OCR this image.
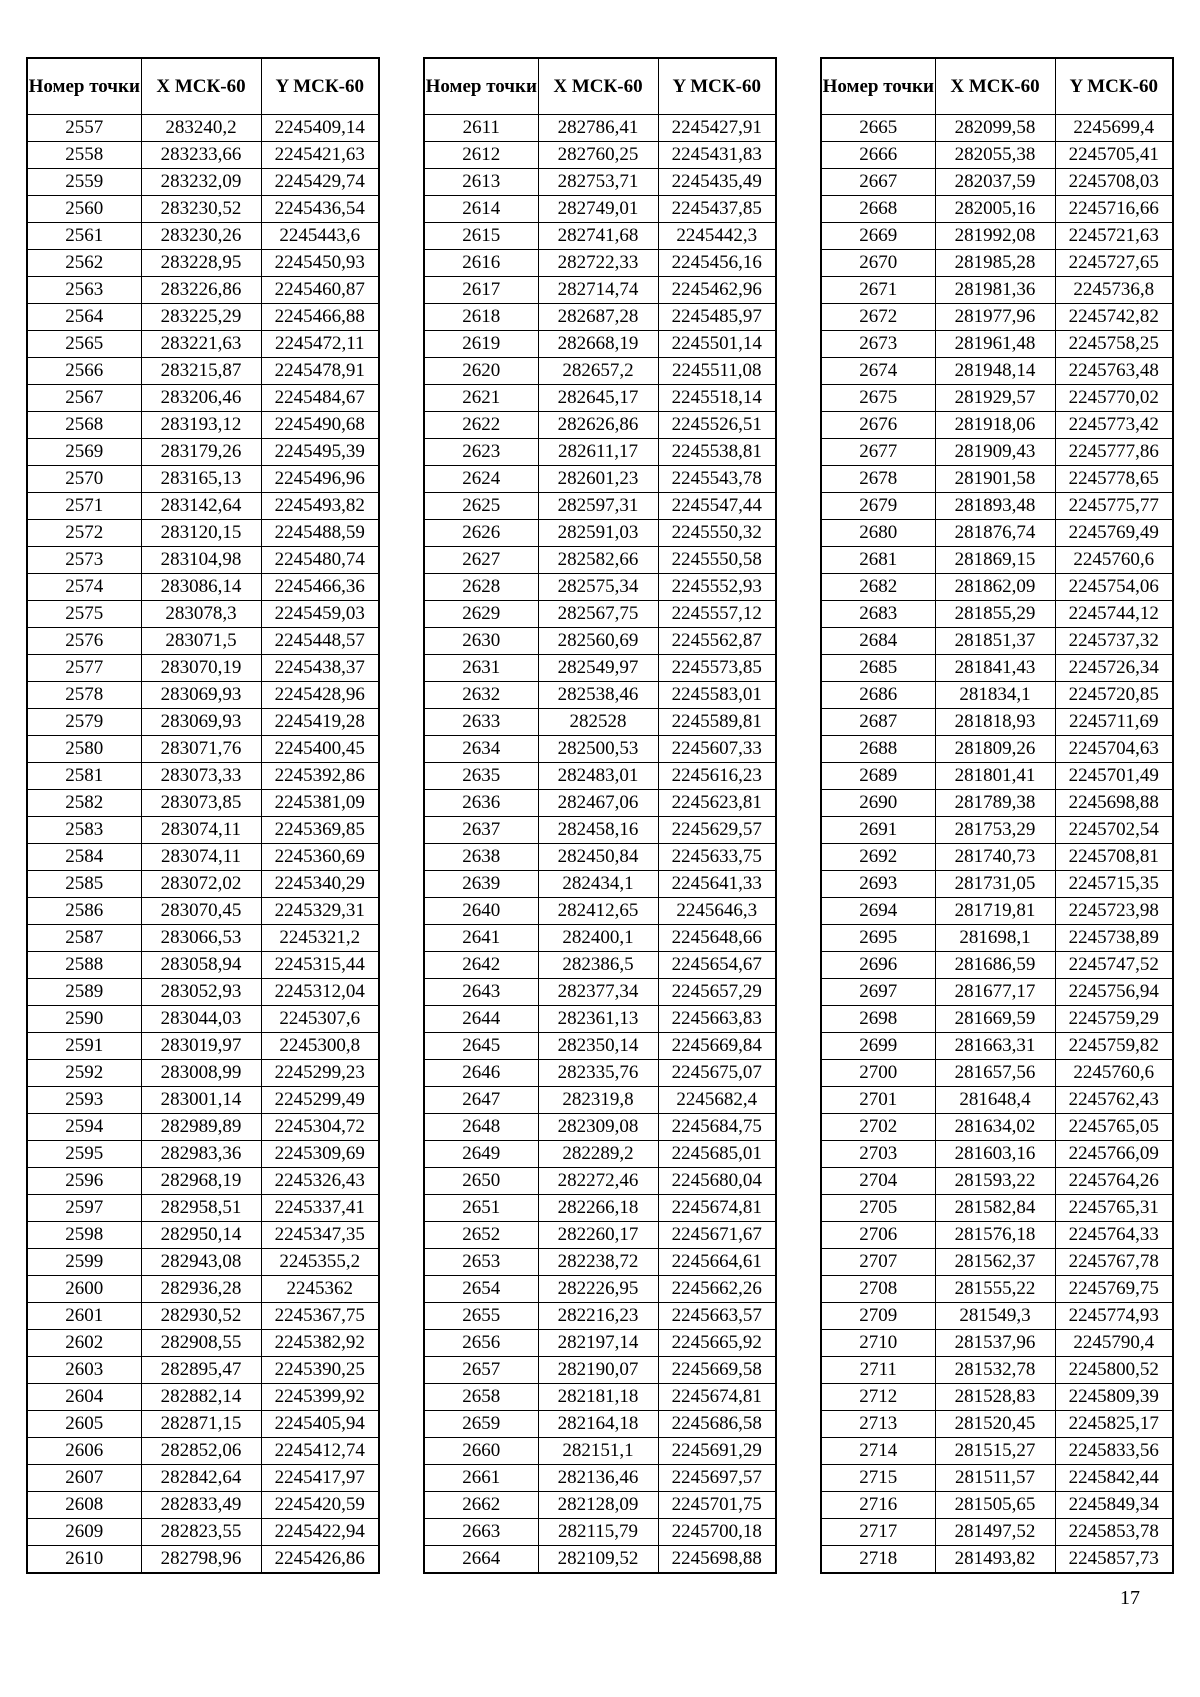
Номер точки	X МСК-60	Y МСК-60
2557	283240,2	2245409,14
2558	283233,66	2245421,63
2559	283232,09	2245429,74
2560	283230,52	2245436,54
2561	283230,26	2245443,6
2562	283228,95	2245450,93
2563	283226,86	2245460,87
2564	283225,29	2245466,88
2565	283221,63	2245472,11
2566	283215,87	2245478,91
2567	283206,46	2245484,67
2568	283193,12	2245490,68
2569	283179,26	2245495,39
2570	283165,13	2245496,96
2571	283142,64	2245493,82
2572	283120,15	2245488,59
2573	283104,98	2245480,74
2574	283086,14	2245466,36
2575	283078,3	2245459,03
2576	283071,5	2245448,57
2577	283070,19	2245438,37
2578	283069,93	2245428,96
2579	283069,93	2245419,28
2580	283071,76	2245400,45
2581	283073,33	2245392,86
2582	283073,85	2245381,09
2583	283074,11	2245369,85
2584	283074,11	2245360,69
2585	283072,02	2245340,29
2586	283070,45	2245329,31
2587	283066,53	2245321,2
2588	283058,94	2245315,44
2589	283052,93	2245312,04
2590	283044,03	2245307,6
2591	283019,97	2245300,8
2592	283008,99	2245299,23
2593	283001,14	2245299,49
2594	282989,89	2245304,72
2595	282983,36	2245309,69
2596	282968,19	2245326,43
2597	282958,51	2245337,41
2598	282950,14	2245347,35
2599	282943,08	2245355,2
2600	282936,28	2245362
2601	282930,52	2245367,75
2602	282908,55	2245382,92
2603	282895,47	2245390,25
2604	282882,14	2245399,92
2605	282871,15	2245405,94
2606	282852,06	2245412,74
2607	282842,64	2245417,97
2608	282833,49	2245420,59
2609	282823,55	2245422,94
2610	282798,96	2245426,86
Номер точки	X МСК-60	Y МСК-60
2611	282786,41	2245427,91
2612	282760,25	2245431,83
2613	282753,71	2245435,49
2614	282749,01	2245437,85
2615	282741,68	2245442,3
2616	282722,33	2245456,16
2617	282714,74	2245462,96
2618	282687,28	2245485,97
2619	282668,19	2245501,14
2620	282657,2	2245511,08
2621	282645,17	2245518,14
2622	282626,86	2245526,51
2623	282611,17	2245538,81
2624	282601,23	2245543,78
2625	282597,31	2245547,44
2626	282591,03	2245550,32
2627	282582,66	2245550,58
2628	282575,34	2245552,93
2629	282567,75	2245557,12
2630	282560,69	2245562,87
2631	282549,97	2245573,85
2632	282538,46	2245583,01
2633	282528	2245589,81
2634	282500,53	2245607,33
2635	282483,01	2245616,23
2636	282467,06	2245623,81
2637	282458,16	2245629,57
2638	282450,84	2245633,75
2639	282434,1	2245641,33
2640	282412,65	2245646,3
2641	282400,1	2245648,66
2642	282386,5	2245654,67
2643	282377,34	2245657,29
2644	282361,13	2245663,83
2645	282350,14	2245669,84
2646	282335,76	2245675,07
2647	282319,8	2245682,4
2648	282309,08	2245684,75
2649	282289,2	2245685,01
2650	282272,46	2245680,04
2651	282266,18	2245674,81
2652	282260,17	2245671,67
2653	282238,72	2245664,61
2654	282226,95	2245662,26
2655	282216,23	2245663,57
2656	282197,14	2245665,92
2657	282190,07	2245669,58
2658	282181,18	2245674,81
2659	282164,18	2245686,58
2660	282151,1	2245691,29
2661	282136,46	2245697,57
2662	282128,09	2245701,75
2663	282115,79	2245700,18
2664	282109,52	2245698,88
Номер точки	X МСК-60	Y МСК-60
2665	282099,58	2245699,4
2666	282055,38	2245705,41
2667	282037,59	2245708,03
2668	282005,16	2245716,66
2669	281992,08	2245721,63
2670	281985,28	2245727,65
2671	281981,36	2245736,8
2672	281977,96	2245742,82
2673	281961,48	2245758,25
2674	281948,14	2245763,48
2675	281929,57	2245770,02
2676	281918,06	2245773,42
2677	281909,43	2245777,86
2678	281901,58	2245778,65
2679	281893,48	2245775,77
2680	281876,74	2245769,49
2681	281869,15	2245760,6
2682	281862,09	2245754,06
2683	281855,29	2245744,12
2684	281851,37	2245737,32
2685	281841,43	2245726,34
2686	281834,1	2245720,85
2687	281818,93	2245711,69
2688	281809,26	2245704,63
2689	281801,41	2245701,49
2690	281789,38	2245698,88
2691	281753,29	2245702,54
2692	281740,73	2245708,81
2693	281731,05	2245715,35
2694	281719,81	2245723,98
2695	281698,1	2245738,89
2696	281686,59	2245747,52
2697	281677,17	2245756,94
2698	281669,59	2245759,29
2699	281663,31	2245759,82
2700	281657,56	2245760,6
2701	281648,4	2245762,43
2702	281634,02	2245765,05
2703	281603,16	2245766,09
2704	281593,22	2245764,26
2705	281582,84	2245765,31
2706	281576,18	2245764,33
2707	281562,37	2245767,78
2708	281555,22	2245769,75
2709	281549,3	2245774,93
2710	281537,96	2245790,4
2711	281532,78	2245800,52
2712	281528,83	2245809,39
2713	281520,45	2245825,17
2714	281515,27	2245833,56
2715	281511,57	2245842,44
2716	281505,65	2245849,34
2717	281497,52	2245853,78
2718	281493,82	2245857,73
17
